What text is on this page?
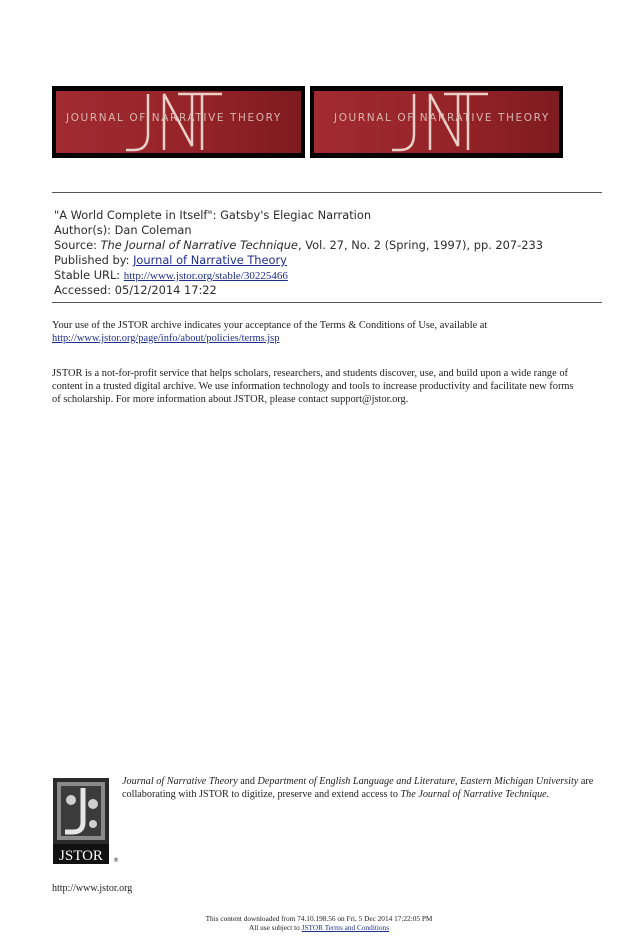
JOURNAL OF NARRATIVE THEORY	JOURNAL OF NARRATIVE THEORY
"A World Complete in Itself": Gatsby's Elegiac Narration
Author(s): Dan Coleman
Source: The Journal of Narrative Technique, Vol. 27, No. 2 (Spring, 1997), pp. 207-233
Published by: Journal of Narrative Theory
Stable URL: http://www.jstor.org/stable/30225466
Accessed: 05/12/2014 17:22
Your use of the JSTOR archive indicates your acceptance of the Terms & Conditions of Use, available at
http://www.jstor.org/page/info/about/policies/terms.jsp
JSTOR is a not-for-profit service that helps scholars, researchers, and students discover, use, and build upon a wide range of
content in a trusted digital archive. We use information technology and tools to increase productivity and facilitate new forms
of scholarship. For more information about JSTOR, please contact support@jstor.org.
JSTOR ®
Journal of Narrative Theory and Department of English Language and Literature, Eastern Michigan University are collaborating with JSTOR to digitize, preserve and extend access to The Journal of Narrative Technique.
http://www.jstor.org
This content downloaded from 74.10.198.56 on Fri, 5 Dec 2014 17:22:05 PM
All use subject to JSTOR Terms and Conditions
